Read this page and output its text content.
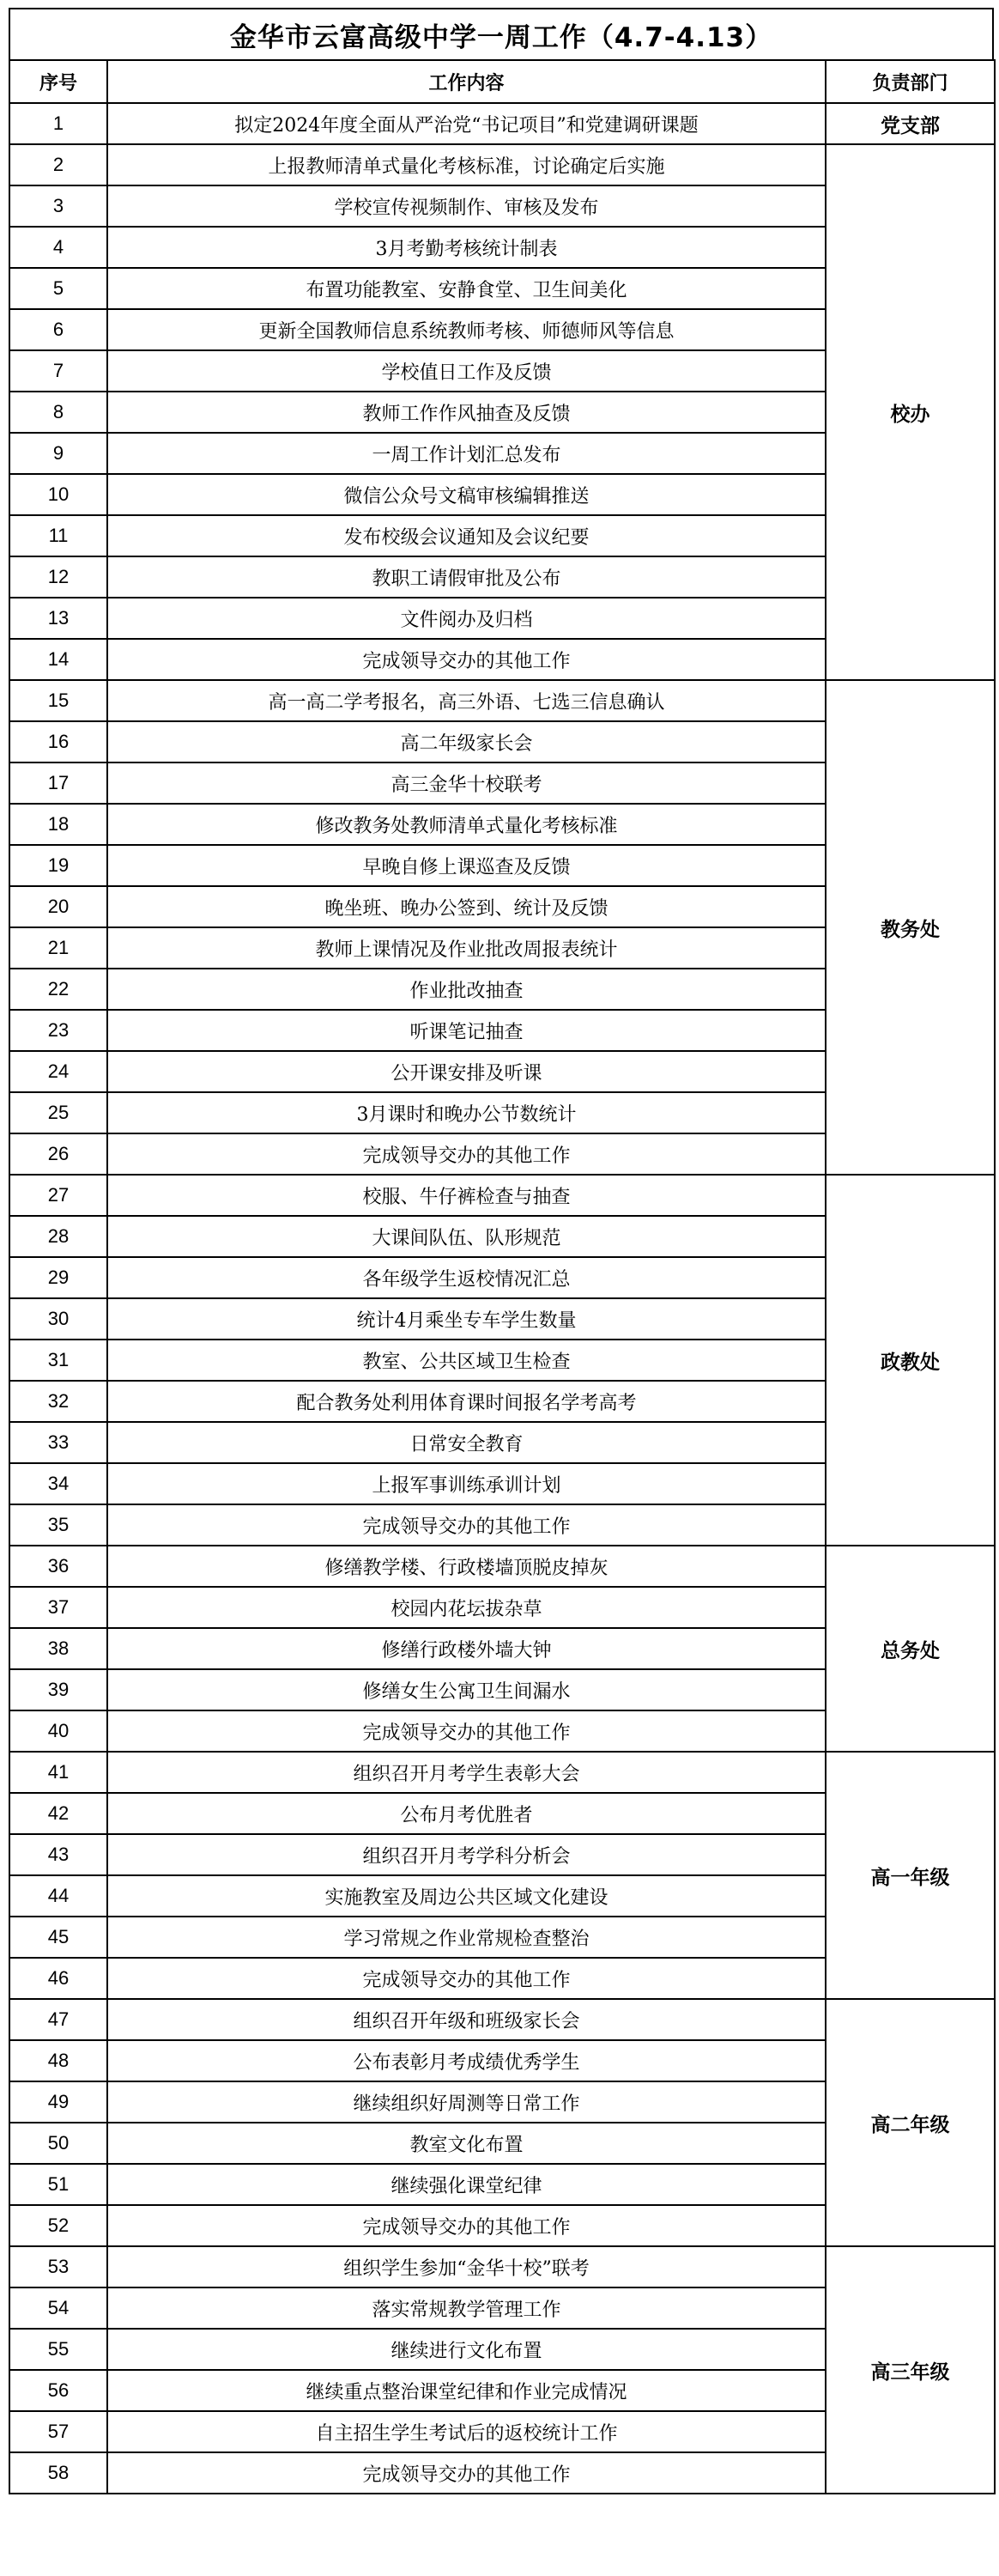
金华市云富高级中学一周工作（4.7-4.13）
序号	工作内容	负责部门
1	拟定2024年度全面从严治党“书记项目”和党建调研课题	党支部
2	上报教师清单式量化考核标准，讨论确定后实施	校办
3	学校宣传视频制作、审核及发布	
4	3月考勤考核统计制表	
5	布置功能教室、安静食堂、卫生间美化	
6	更新全国教师信息系统教师考核、师德师风等信息	
7	学校值日工作及反馈	
8	教师工作作风抽查及反馈	
9	一周工作计划汇总发布	
10	微信公众号文稿审核编辑推送	
11	发布校级会议通知及会议纪要	
12	教职工请假审批及公布	
13	文件阅办及归档	
14	完成领导交办的其他工作	
15	高一高二学考报名，高三外语、七选三信息确认	教务处
16	高二年级家长会	
17	高三金华十校联考	
18	修改教务处教师清单式量化考核标准	
19	早晚自修上课巡查及反馈	
20	晚坐班、晚办公签到、统计及反馈	
21	教师上课情况及作业批改周报表统计	
22	作业批改抽查	
23	听课笔记抽查	
24	公开课安排及听课	
25	3月课时和晚办公节数统计	
26	完成领导交办的其他工作	
27	校服、牛仔裤检查与抽查	政教处
28	大课间队伍、队形规范	
29	各年级学生返校情况汇总	
30	统计4月乘坐专车学生数量	
31	教室、公共区域卫生检查	
32	配合教务处利用体育课时间报名学考高考	
33	日常安全教育	
34	上报军事训练承训计划	
35	完成领导交办的其他工作	
36	修缮教学楼、行政楼墙顶脱皮掉灰	总务处
37	校园内花坛拔杂草	
38	修缮行政楼外墙大钟	
39	修缮女生公寓卫生间漏水	
40	完成领导交办的其他工作	
41	组织召开月考学生表彰大会	高一年级
42	公布月考优胜者	
43	组织召开月考学科分析会	
44	实施教室及周边公共区域文化建设	
45	学习常规之作业常规检查整治	
46	完成领导交办的其他工作	
47	组织召开年级和班级家长会	高二年级
48	公布表彰月考成绩优秀学生	
49	继续组织好周测等日常工作	
50	教室文化布置	
51	继续强化课堂纪律	
52	完成领导交办的其他工作	
53	组织学生参加“金华十校”联考	高三年级
54	落实常规教学管理工作	
55	继续进行文化布置	
56	继续重点整治课堂纪律和作业完成情况	
57	自主招生学生考试后的返校统计工作	
58	完成领导交办的其他工作	
